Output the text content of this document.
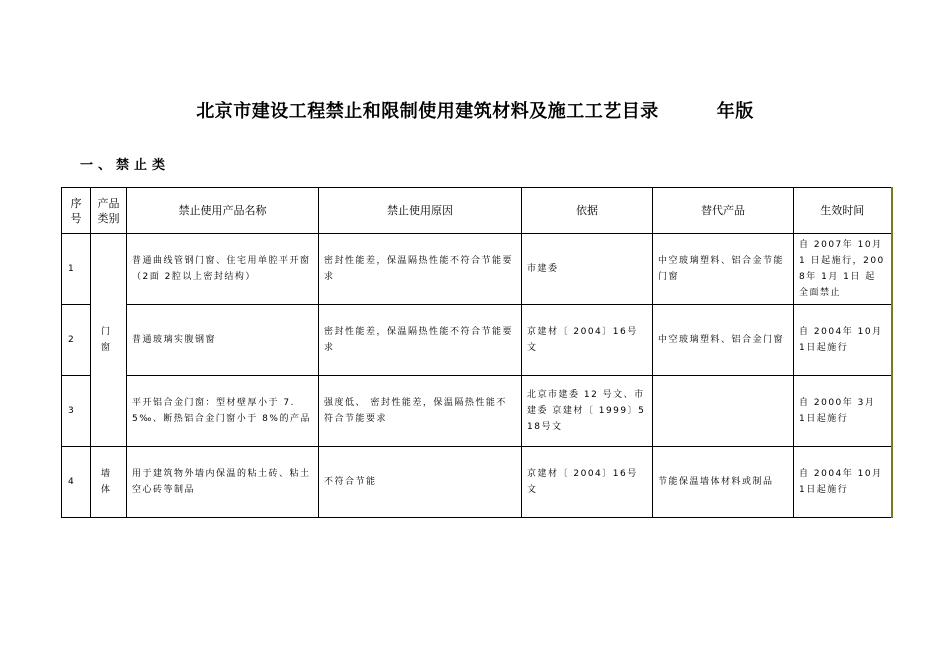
北京市建设工程禁止和限制使用建筑材料及施工工艺目录	年版
一、禁止类
序号	产品类别	禁止使用产品名称	禁止使用原因	依据	替代产品	生效时间
1	门窗	普通曲线管钢门窗、住宅用单腔平开窗（2面 2腔以上密封结构）	密封性能差，保温隔热性能不符合节能要求	市建委	中空玻璃塑料、铝合金节能门窗	自 2007年 10月 1 日起施行，2008年 1月 1日 起全面禁止
2		普通玻璃实腹钢窗	密封性能差，保温隔热性能不符合节能要求	京建材〔 2004〕16号文	中空玻璃塑料、铝合金门窗	自 2004年 10月 1日起施行
3		平开铝合金门窗：型材壁厚小于 7.5‰、断热铝合金门窗小于 8%的产品	强度低、 密封性能差，保温隔热性能不符合节能要求	北京市建委 12 号文、市建委 京建材〔 1999〕518号文		自 2000年 3月 1日起施行
4	墙体	用于建筑物外墙内保温的粘土砖、粘土空心砖等制品	不符合节能	京建材〔 2004〕16号文	节能保温墙体材料或制品	自 2004年 10月 1日起施行
